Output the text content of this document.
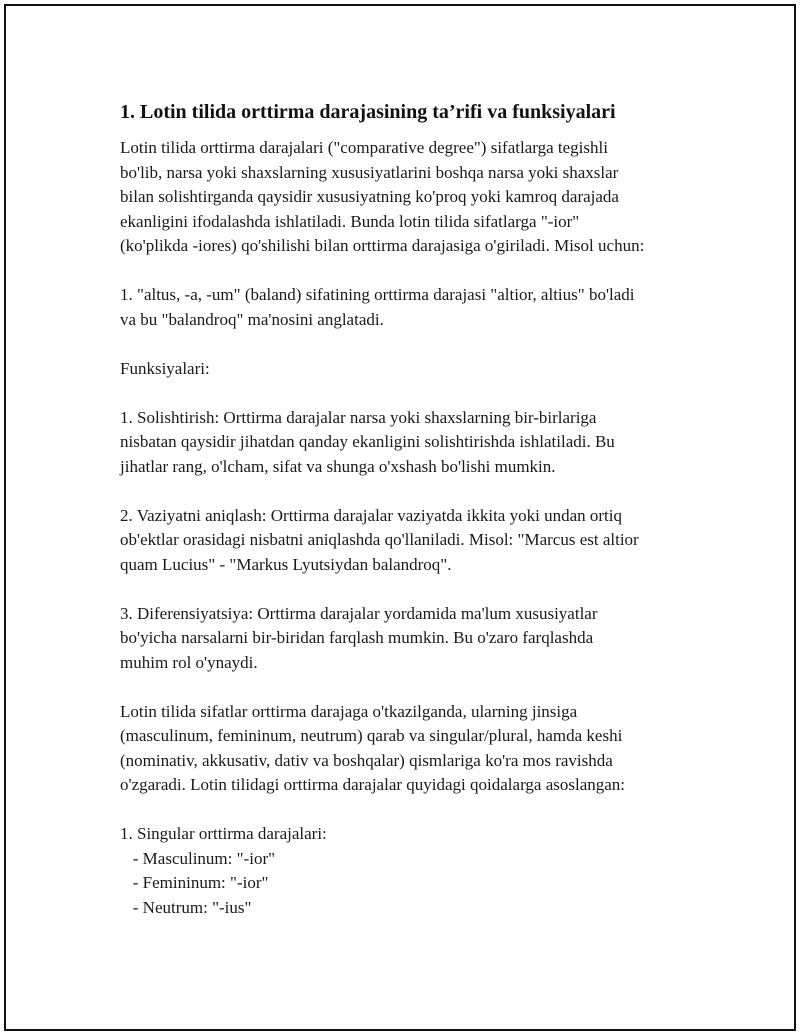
1. Lotin tilida orttirma darajasining ta’rifi va funksiyalari

Lotin tilida orttirma darajalari ("comparative degree") sifatlarga tegishli
bo'lib, narsa yoki shaxslarning xususiyatlarini boshqa narsa yoki shaxslar
bilan solishtirganda qaysidir xususiyatning ko'proq yoki kamroq darajada
ekanligini ifodalashda ishlatiladi. Bunda lotin tilida sifatlarga "-ior"
(ko'plikda -iores) qo'shilishi bilan orttirma darajasiga o'giriladi. Misol uchun:

1. "altus, -a, -um" (baland) sifatining orttirma darajasi "altior, altius" bo'ladi
va bu "balandroq" ma'nosini anglatadi.

Funksiyalari:

1. Solishtirish: Orttirma darajalar narsa yoki shaxslarning bir-birlariga
nisbatan qaysidir jihatdan qanday ekanligini solishtirishda ishlatiladi. Bu
jihatlar rang, o'lcham, sifat va shunga o'xshash bo'lishi mumkin.

2. Vaziyatni aniqlash: Orttirma darajalar vaziyatda ikkita yoki undan ortiq
ob'ektlar orasidagi nisbatni aniqlashda qo'llaniladi. Misol: "Marcus est altior
quam Lucius" - "Markus Lyutsiydan balandroq".

3. Diferensiyatsiya: Orttirma darajalar yordamida ma'lum xususiyatlar
bo'yicha narsalarni bir-biridan farqlash mumkin. Bu o'zaro farqlashda
muhim rol o'ynaydi.

Lotin tilida sifatlar orttirma darajaga o'tkazilganda, ularning jinsiga
(masculinum, femininum, neutrum) qarab va singular/plural, hamda keshi
(nominativ, akkusativ, dativ va boshqalar) qismlariga ko'ra mos ravishda
o'zgaradi. Lotin tilidagi orttirma darajalar quyidagi qoidalarga asoslangan:

1. Singular orttirma darajalari:

- Masculinum: "-ior"

- Femininum: "-ior"

- Neutrum: "-ius"
